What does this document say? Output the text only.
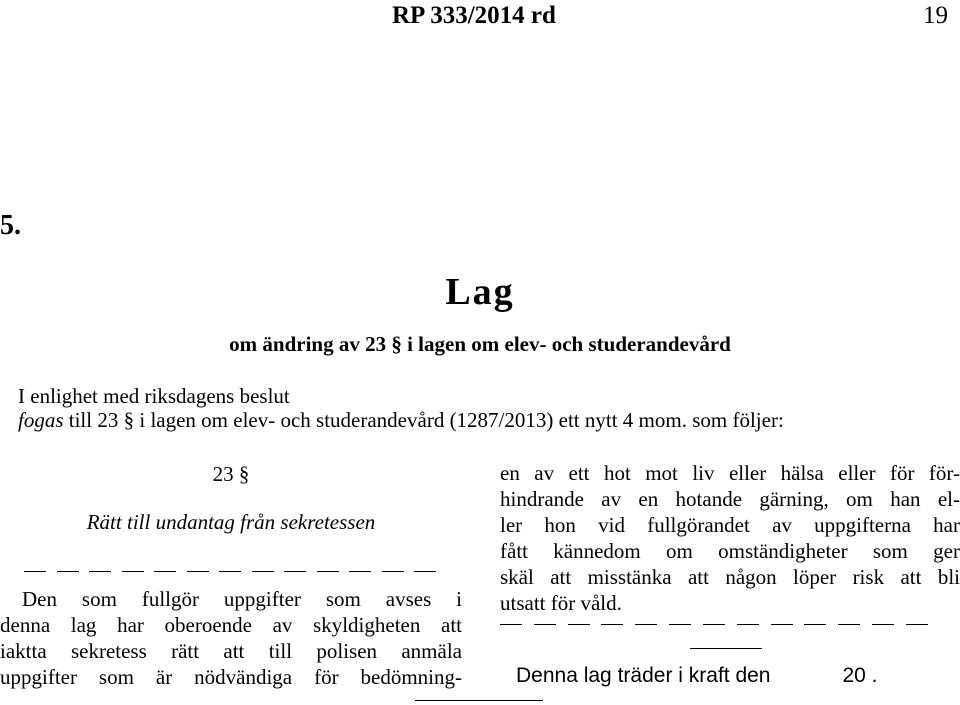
RP 333/2014 rd	19
5.
Lag
om ändring av 23 § i lagen om elev- och studerandevård
I enlighet med riksdagens beslut
fogas till 23 § i lagen om elev- och studerandevård (1287/2013) ett nytt 4 mom. som följer:
23 §
Rätt till undantag från sekretessen
Den som fullgör uppgifter som avses i
denna lag har oberoende av skyldigheten att
iaktta sekretess rätt att till polisen anmäla
uppgifter som är nödvändiga för bedömning-
en av ett hot mot liv eller hälsa eller för för-
hindrande av en hotande gärning, om han el-
ler hon vid fullgörandet av uppgifterna har
fått kännedom om omständigheter som ger
skäl att misstänka att någon löper risk att bli
utsatt för våld.
Denna lag träder i kraft den	20 .
